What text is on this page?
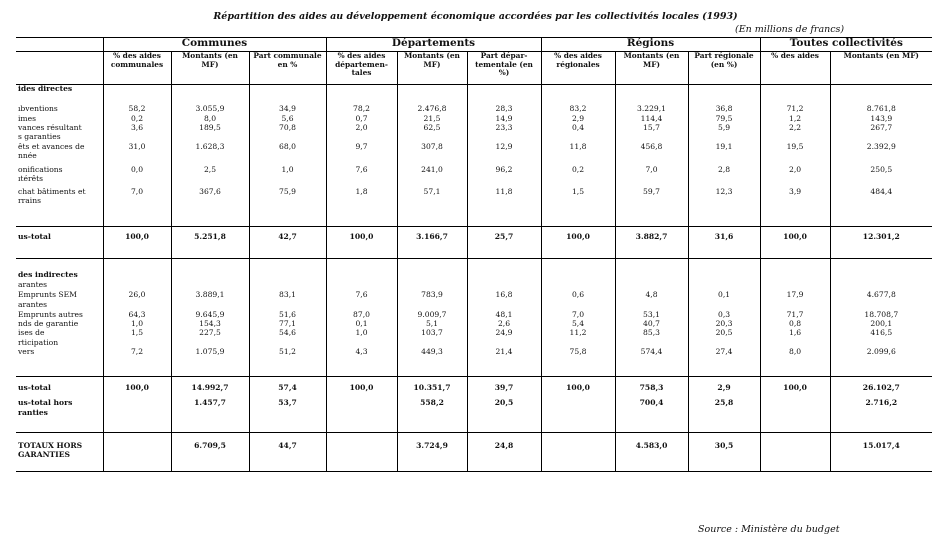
Répartition des aides au développement économique accordées par les collectivités locales (1993)
(En millions de francs)
	Communes			Départements			Régions			Toutes collectivités	
	% des aides communales	Montants (en MF)	Part communale en %	% des aides départemen-tales	Montants (en MF)	Part dépar-tementale (en %)	% des aides régionales	Montants (en MF)	Part régionale (en %)	% des aides	Montants (en MF)
ides directes											

ıbventions	58,2	3.055,9	34,9	78,2	2.476,8	28,3	83,2	3.229,1	36,8	71,2	8.761,8
imes	0,2	8,0	5,6	0,7	21,5	14,9	2,9	114,4	79,5	1,2	143,9
vances résultant	3,6	189,5	70,8	2,0	62,5	23,3	0,4	15,7	5,9	2,2	267,7
s garanties											
êts et avances de	31,0	1.628,3	68,0	9,7	307,8	12,9	11,8	456,8	19,1	19,5	2.392,9
nnée											
onifications	0,0	2,5	1,0	7,6	241,0	96,2	0,2	7,0	2,8	2,0	250,5
ıtérêts											
chat bâtiments et	7,0	367,6	75,9	1,8	57,1	11,8	1,5	59,7	12,3	3,9	484,4
rrains											
us-total	100,0	5.251,8	42,7	100,0	3.166,7	25,7	100,0	3.882,7	31,6	100,0	12.301,2
des indirectes											
arantes											
Emprunts SEM	26,0	3.889,1	83,1	7,6	783,9	16,8	0,6	4,8	0,1	17,9	4.677,8
arantes											
Emprunts autres	64,3	9.645,9	51,6	87,0	9.009,7	48,1	7,0	53,1	0,3	71,7	18.708,7
nds de garantie	1,0	154,3	77,1	0,1	5,1	2,6	5,4	40,7	20,3	0,8	200,1
ises de	1,5	227,5	54,6	1,0	103,7	24,9	11,2	85,3	20,5	1,6	416,5
rticipation											
vers	7,2	1.075,9	51,2	4,3	449,3	21,4	75,8	574,4	27,4	8,0	2.099,6
us-total	100,0	14.992,7	57,4	100,0	10.351,7	39,7	100,0	758,3	2,9	100,0	26.102,7
us-total hors		1.457,7	53,7		558,2	20,5		700,4	25,8		2.716,2
ranties											
TOTAUX HORS		6.709,5	44,7		3.724,9	24,8		4.583,0	30,5		15.017,4
GARANTIES											
Source : Ministère du budget
